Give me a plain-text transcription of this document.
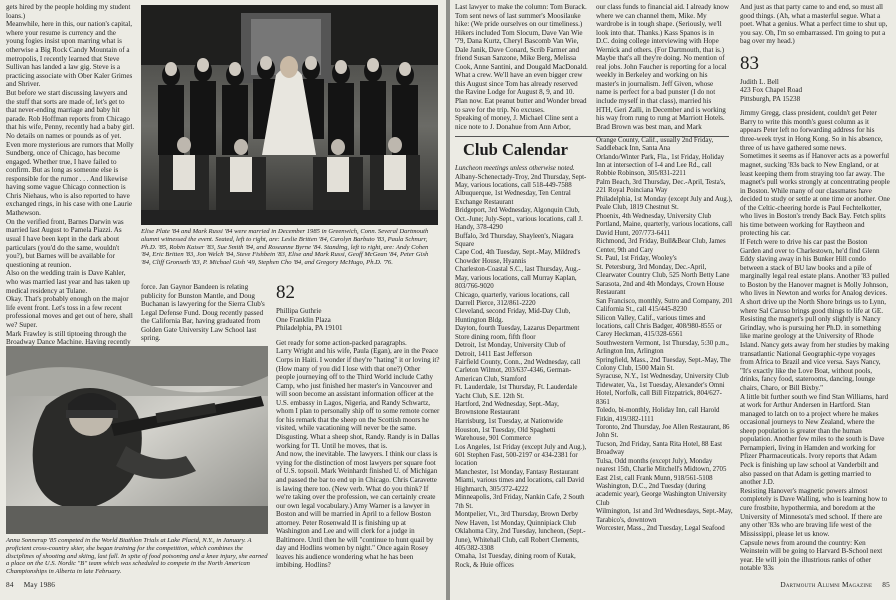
gets hired by the people holding my student loans.)

Meanwhile, here in this, our nation's capital, where your resume is currency and the young fogies insist upon marring what is otherwise a Big Rock Candy Mountain of a metropolis, I recently learned that Steve Sullivan has landed a law gig. Steve is a practicing associate with Ober Kaler Grimes and Shriver.

But before we start discussing lawyers and the stuff that sorts are made of, let's get to that never-ending marriage and baby hit parade. Rob Hoffman reports from Chicago that his wife, Penny, recently had a baby girl. No details on names or pounds as of yet.

Even more mysterious are rumors that Molly Sundberg, once of Chicago, has become engaged. Whether true, I have failed to confirm. But as long as someone else is responsible for the rumor . . . And likewise having some vague Chicago connection is Chris Niehaus, who is also reported to have exchanged rings, in his case with one Laurie Mathewson.

On the verified front, Barnes Darwin was married last August to Pamela Piazzi. As usual I have been kept in the dark about particulars (you'd do the same, wouldn't you?), but Barnes will be available for questioning at reunion.

Also on the wedding train is Dave Kahler, who was married last year and has taken up medical residency at Tulane.

Okay. That's probably enough on the major life event front. Let's toss in a few recent professional moves and get out of here, shall we? Super.

Mark Frawley is still tiptoeing through the Broadway Dance Machine. Having recently

Elise Plate '84 and Mark Russi '84 were married in December 1985 in Greenwich, Conn. Several Dartmouth alumni witnessed the event. Seated, left to right, are: Leslie Britten '84, Carolyn Barbuto '83, Paula Schnurr, Ph.D. '85, Robin Kaiser '83, Sue Smith '84, and Roseanne Byrne '84. Standing, left to right, are: Andy Cohen '84, Eric Britten '83, Jon Welch '84, Steve Fishbein '83, Elise and Mark Russi, Geoff McGean '84, Peter Gish '84, Cliff Gronseth '83, P. Michael Gish '49, Stephen Cho '84, and Gregory McHugo, Ph.D. '76.

force. Jan Gaynor Bandeen is relating publicity for Bunston Mantle, and Doug Buchanan is lawyering for the Sierra Club's Legal Defense Fund. Doug recently passed the California Bar, having graduated from Golden Gate University Law School last spring.

82
Phillipa Guthrie
One Franklin Plaza
Philadelphia, PA 19101

Get ready for some action-packed paragraphs.

Larry Wright and his wife, Paula (Egan), are in the Peace Corps in Haiti. I wonder if they're "hating" it or loving it? (How many of you did I lose with that one?) Other people journeying off to the Third World include Cathy Camp, who just finished her master's in Vancouver and will soon become an assistant information officer at the U.S. embassy in Lagos, Nigeria, and Randy Schwartz, whom I plan to personally ship off to some remote corner for his remark that the sheep on the Scottish moors he visited, while vacationing will never be the same. Disgusting. What a sheep shot, Randy. Randy is in Dallas working for TI. Until he moves, that is.

And now, the inevitable. The lawyers. I think our class is vying for the distinction of most lawyers per square foot of U.S. topsoil. Mark Weinhardt finished U. of Michigan and passed the bar to end up in Chicago. Chris Caravette is lawing there too. (New verb. What do you think? If we're taking over the profession, we can certainly create our own legal vocabulary.) Amy Warner is a lawyer in Boston and will be married in April to a fellow Boston attorney. Peter Rosenwald II is finishing up at Washington and Lee and will clerk for a judge in Baltimore. Until then he will "continue to hunt quail by day and Hodlins women by night." Once again Rosey leaves his audience wondering what he has been imbibing. Hodlins?

Anna Sonnerup '85 competed in the World Biathlon Trials at Lake Placid, N.Y., in January. A proficient cross-country skier, she began training for the competition, which combines the disciplines of shooting and skiing, last fall. In spite of food poisoning and a knee injury, she earned a place on the U.S. Nordic "B" team which was scheduled to compete in the North American Championships in Alberta in late February.
84 May 1986

Last lawyer to make the column: Tom Burack. Tom sent news of last summer's Moosilauke hike: (We pride ourselves on our timeliness.) Hikers included Tom Slocum, Dave Van Wie '79, Dana Kurtz, Cheryl Bascomb Van Wie, Dale Janik, Dave Conard, Scrib Farmer and friend Susan Sanzone, Mike Berg, Melissa Cook, Anne Santini, and Dougald MacDonald. What a crew. We'll have an even bigger crew this August since Tom has already reserved the Ravine Lodge for August 8, 9, and 10. Plan now. Eat peanut butter and Wonder bread to save for the trip. No excuses.

Speaking of money, J. Michael Cline sent a nice note to J. Donahue from Ann Arbor,

our class funds to financial aid. I already know where we can channel them, Mike. My wardrobe is in tough shape. (Seriously, we'll look into that. Thanks.) Kass Spanos is in D.C. doing college interviewing with Hope Wernick and others. (For Dartmouth, that is.) Maybe that's all they're doing. No mention of real jobs. John Faucher is reporting for a local weekly in Berkeley and working on his master's in journalism. Jeff Given, whose name is perfect for a bad punster (I do not include myself in that class), married his HTH, Geri Zalli, in December and is working his way from rung to rung at Marriott Hotels. Brad Brown was best man, and Mark

And just as that party came to and end, so must all good things. (Ah, what a masterful segue. What a poet. What a genius. What a perfect time to shut up, you say. Oh, I'm so embarrassed. I'm going to put a bag over my head.)

83
Judith L. Bell
423 Fox Chapel Road
Pittsburgh, PA 15238

Jimmy Gregg, class president, couldn't get Peter Barry to write this month's guest column as it appears Peter left no forwarding address for his three-week tryst in Hong Kong. So in his absence, three of us have gathered some news.

Sometimes it seems as if Hanover acts as a powerful magnet, sucking '83s back to New England, or at least keeping them from straying too far away. The magnet's pull works strongly at concentrating people in Boston. While many of our classmates have decided to study or settle at one time or another. One of the Celtic-cheering horde is Paul Fechtelkotter, who lives in Boston's trendy Back Bay. Fetch splits his time between working for Raytheon and protecting his car.

If Fetch were to drive his car past the Boston Garden and over to Charlestown, he'd find Glenn Eddy slaving away in his Bunker Hill condo between a stack of BU law books and a pile of marginally legal real estate plans. Another '83 pulled to Boston by the Hanover magnet is Molly Johnson, who lives in Newton and works for Analog devices. A short drive up the North Shore brings us to Lynn, where Sal Caruso brings good things to life at GE.

Resisting the magnet's pull only slightly is Nancy Grindlay, who is pursuing her Ph.D. in something like marine geology at the University of Rhode Island. Nancy gets away from her studies by making transatlantic National Geographic-type voyages from Africa to Brazil and vice versa. Says Nancy, "It's exactly like the Love Boat, without pools, drinks, fancy food, staterooms, dancing, lounge chairs, Charo, or Bill Bixby."

A little bit further south we find Stan Williams, hard at work for Arthur Andersen in Hartford. Stan managed to latch on to a project where he makes occasional journeys to New Zealand, where the sheep population is greater than the human population. Another few miles to the south is Dave Pernampieri, living in Hamden and working for Pfizer Pharmaceuticals. Ivory reports that Adam Peck is finishing up law school at Vanderbilt and also passed on that Adam is getting married to another J.D.

Resisting Hanover's magnetic powers almost completely is Dave Walling, who is learning how to cure frostbite, hypothermia, and boredom at the University of Minnesota's med school. If there are any other '83s who are braving life west of the Mississippi, please let us know.

Capsule news from around the country: Ken Weinstein will be going to Harvard B-School next year. He will join the illustrious ranks of other notable '83s

Club Calendar

Luncheon meetings unless otherwise noted.

Albany-Schenectady-Troy, 2nd Thursday, Sept-May, various locations, call 518-449-7588

Albuquerque, 1st Wednesday, Ten Central Exchange Restaurant

Bridgeport, 3rd Wednesday, Algonquin Club, Oct.-June; July-Sept., various locations, call J. Handy, 378-4290

Buffalo, 3rd Thursday, Shayleen's, Niagara Square

Cape Cod, 4th Tuesday, Sept.-May, Mildred's Chowder House, Hyannis

Charleston-Coastal S.C., last Thursday, Aug.-May, various locations, call Murray Kaplan, 803/766-9020

Chicago, quarterly, various locations, call Darrell Pierce, 312/861-2220

Cleveland, second Friday, Mid-Day Club, Huntington Bldg.

Dayton, fourth Tuesday, Lazarus Department Store dining room, fifth floor

Detroit, 1st Monday, University Club of Detroit, 1411 East Jefferson

Fairfield County, Conn., 2nd Wednesday, call Carleton Wilmot, 203/637-4346, German-American Club, Stamford

Ft. Lauderdale, 1st Thursday, Ft. Lauderdale Yacht Club, S.E. 12th St.

Hartford, 2nd Wednesday, Sept.-May, Brownstone Restaurant

Harrisburg, 1st Tuesday, at Nationwide

Houston, 1st Tuesday, Old Spaghetti Warehouse, 901 Commerce

Los Angeles, 1st Friday (except July and Aug.), 601 Stephen Fast, 500-2197 or 434-2381 for location

Manchester, 1st Monday, Fantasy Restaurant

Miami, various times and locations, call David Highmarch, 305/372-4222

Minneapolis, 3rd Friday, Nankin Cafe, 2 South 7th St.

Montpelier, Vt., 3rd Thursday, Brown Derby

New Haven, 1st Monday, Quinnipiack Club

Oklahoma City, 2nd Tuesday, luncheon, (Sept.-June), Whitehall Club, call Robert Clements, 405/382-3308

Omaha, 1st Tuesday, dining room of Kutak, Rock, & Huie offices

Orange County, Calif., usually 2nd Friday, Saddleback Inn, Santa Ana

Orlando/Winter Park, Fla., 1st Friday, Holiday Inn at intersection of I-4 and Lee Rd., call Robbie Robinson, 305/831-2211

Palm Beach, 3rd Thursday, Dec.-April, Testa's, 221 Royal Poinciana Way

Philadelphia, 1st Monday (except July and Aug.), Peale Club, 1819 Chestnut St.

Phoenix, 4th Wednesday, University Club

Portland, Maine, quarterly, various locations, call David Hunt, 207/773-6411

Richmond, 3rd Friday, Bull&Bear Club, James Center, 9th and Cary

St. Paul, 1st Friday, Wooley's

St. Petersburg, 3rd Monday, Dec.-April, Clearwater Country Club, 525 North Betty Lane

Sarasota, 2nd and 4th Mondays, Crown House Restaurant

San Francisco, monthly, Sutro and Company, 201 California St., call 415/445-8230

Silicon Valley, Calif., various times and locations, call Chris Badger, 408/980-8555 or Carey Heckman, 415/328-6561

Southwestern Vermont, 1st Thursday, 5:30 p.m., Arlington Inn, Arlington

Springfield, Mass., 2nd Tuesday, Sept.-May, The Colony Club, 1500 Main St.

Syracuse, N.Y., 1st Wednesday, University Club

Tidewater, Va., 1st Tuesday, Alexander's Omni Hotel, Norfolk, call Bill Fitzpatrick, 804/627-8361

Toledo, bi-monthly, Holiday Inn, call Harold Fitkin, 419/382-1111

Toronto, 2nd Thursday, Joe Allen Restaurant, 86 John St.

Tucson, 2nd Friday, Santa Rita Hotel, 88 East Broadway

Tulsa, Odd months (except July), Monday nearest 15th, Charlie Mitchell's Midtown, 2705 East 21st, call Frank Munn, 918/561-5108

Washington, D.C., 2nd Tuesday (during academic year), George Washington University Club

Wilmington, 1st and 3rd Wednesdays, Sept.-May, Tarabico's, downtown

Worcester, Mass., 2nd Tuesday, Legal Seafood

Dartmouth Alumni Magazine 85
